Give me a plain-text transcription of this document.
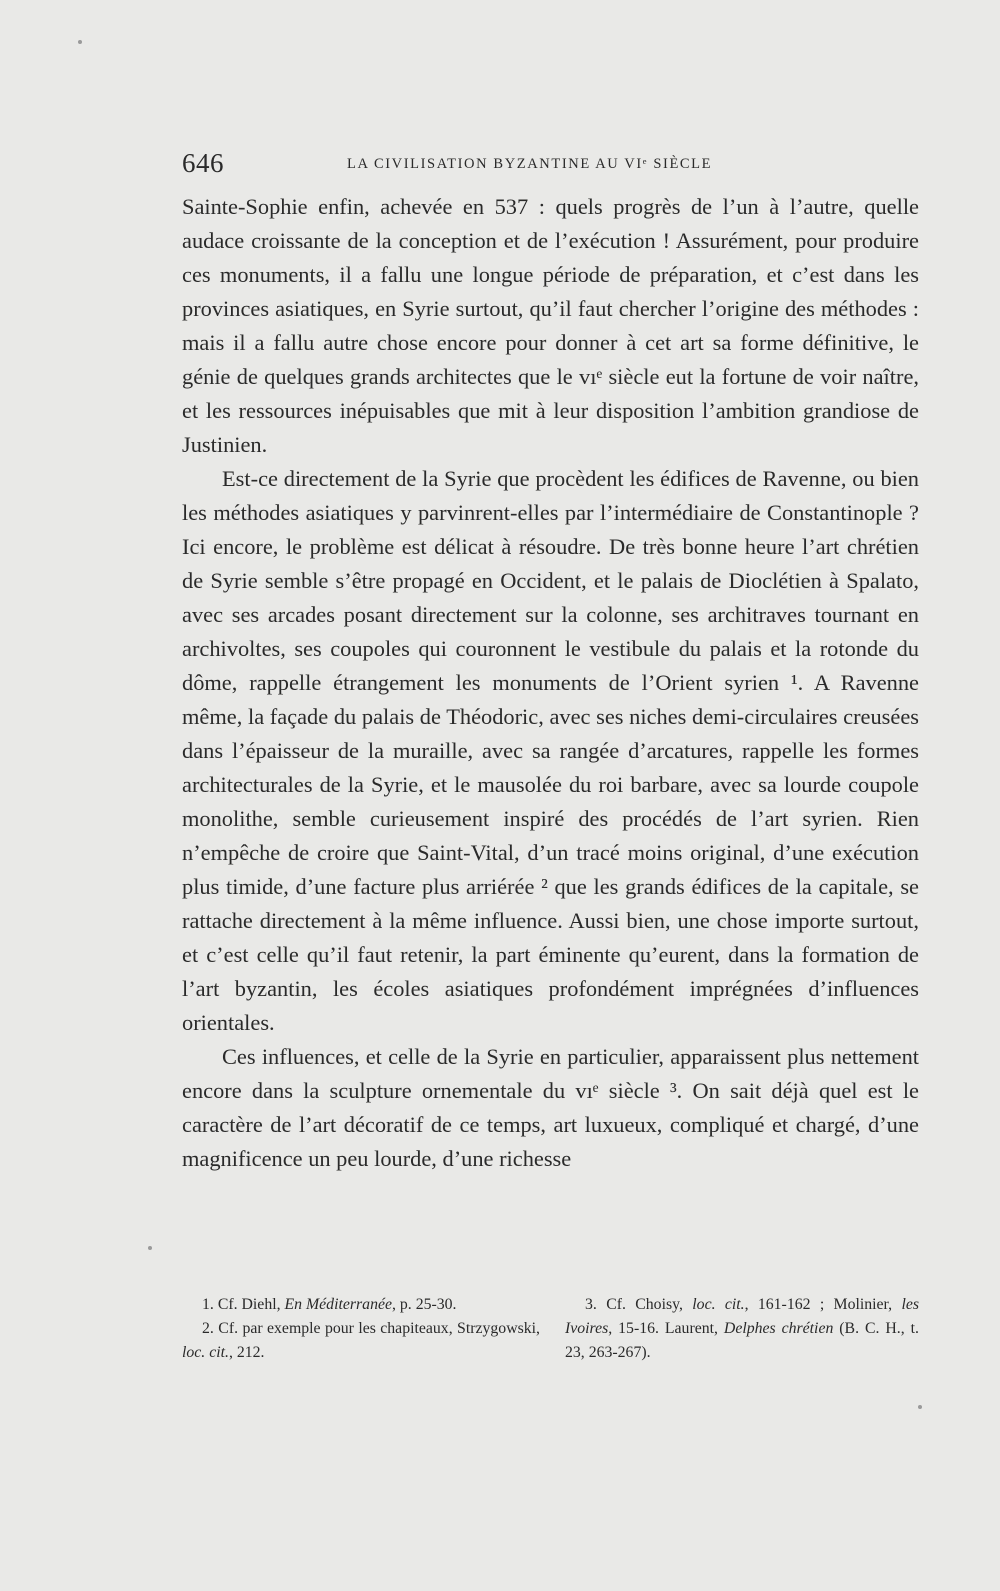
646	LA CIVILISATION BYZANTINE AU VIᵉ SIÈCLE

Sainte-Sophie enfin, achevée en 537 : quels progrès de l’un à l’autre, quelle audace croissante de la conception et de l’exécution ! Assurément, pour produire ces monuments, il a fallu une longue période de préparation, et c’est dans les provinces asiatiques, en Syrie surtout, qu’il faut chercher l’origine des méthodes : mais il a fallu autre chose encore pour donner à cet art sa forme définitive, le génie de quelques grands architectes que le vıᵉ siècle eut la fortune de voir naître, et les ressources inépuisables que mit à leur disposition l’ambition grandiose de Justinien.

Est-ce directement de la Syrie que procèdent les édifices de Ravenne, ou bien les méthodes asiatiques y parvinrent-elles par l’intermédiaire de Constantinople ? Ici encore, le problème est délicat à résoudre. De très bonne heure l’art chrétien de Syrie semble s’être propagé en Occident, et le palais de Dioclétien à Spalato, avec ses arcades posant directement sur la colonne, ses architraves tournant en archivoltes, ses coupoles qui couronnent le vestibule du palais et la rotonde du dôme, rappelle étrangement les monuments de l’Orient syrien ¹. A Ravenne même, la façade du palais de Théodoric, avec ses niches demi-circulaires creusées dans l’épaisseur de la muraille, avec sa rangée d’arcatures, rappelle les formes architecturales de la Syrie, et le mausolée du roi barbare, avec sa lourde coupole monolithe, semble curieusement inspiré des procédés de l’art syrien. Rien n’empêche de croire que Saint-Vital, d’un tracé moins original, d’une exécution plus timide, d’une facture plus arriérée ² que les grands édifices de la capitale, se rattache directement à la même influence. Aussi bien, une chose importe surtout, et c’est celle qu’il faut retenir, la part éminente qu’eurent, dans la formation de l’art byzantin, les écoles asiatiques profondément imprégnées d’influences orientales.

Ces influences, et celle de la Syrie en particulier, apparaissent plus nettement encore dans la sculpture ornementale du vıᵉ siècle ³. On sait déjà quel est le caractère de l’art décoratif de ce temps, art luxueux, compliqué et chargé, d’une magnificence un peu lourde, d’une richesse

1. Cf. Diehl, En Méditerranée, p. 25-30.
2. Cf. par exemple pour les chapiteaux, Strzygowski, loc. cit., 212.
3. Cf. Choisy, loc. cit., 161-162 ; Molinier, les Ivoires, 15-16. Laurent, Delphes chrétien (B. C. H., t. 23, 263-267).
